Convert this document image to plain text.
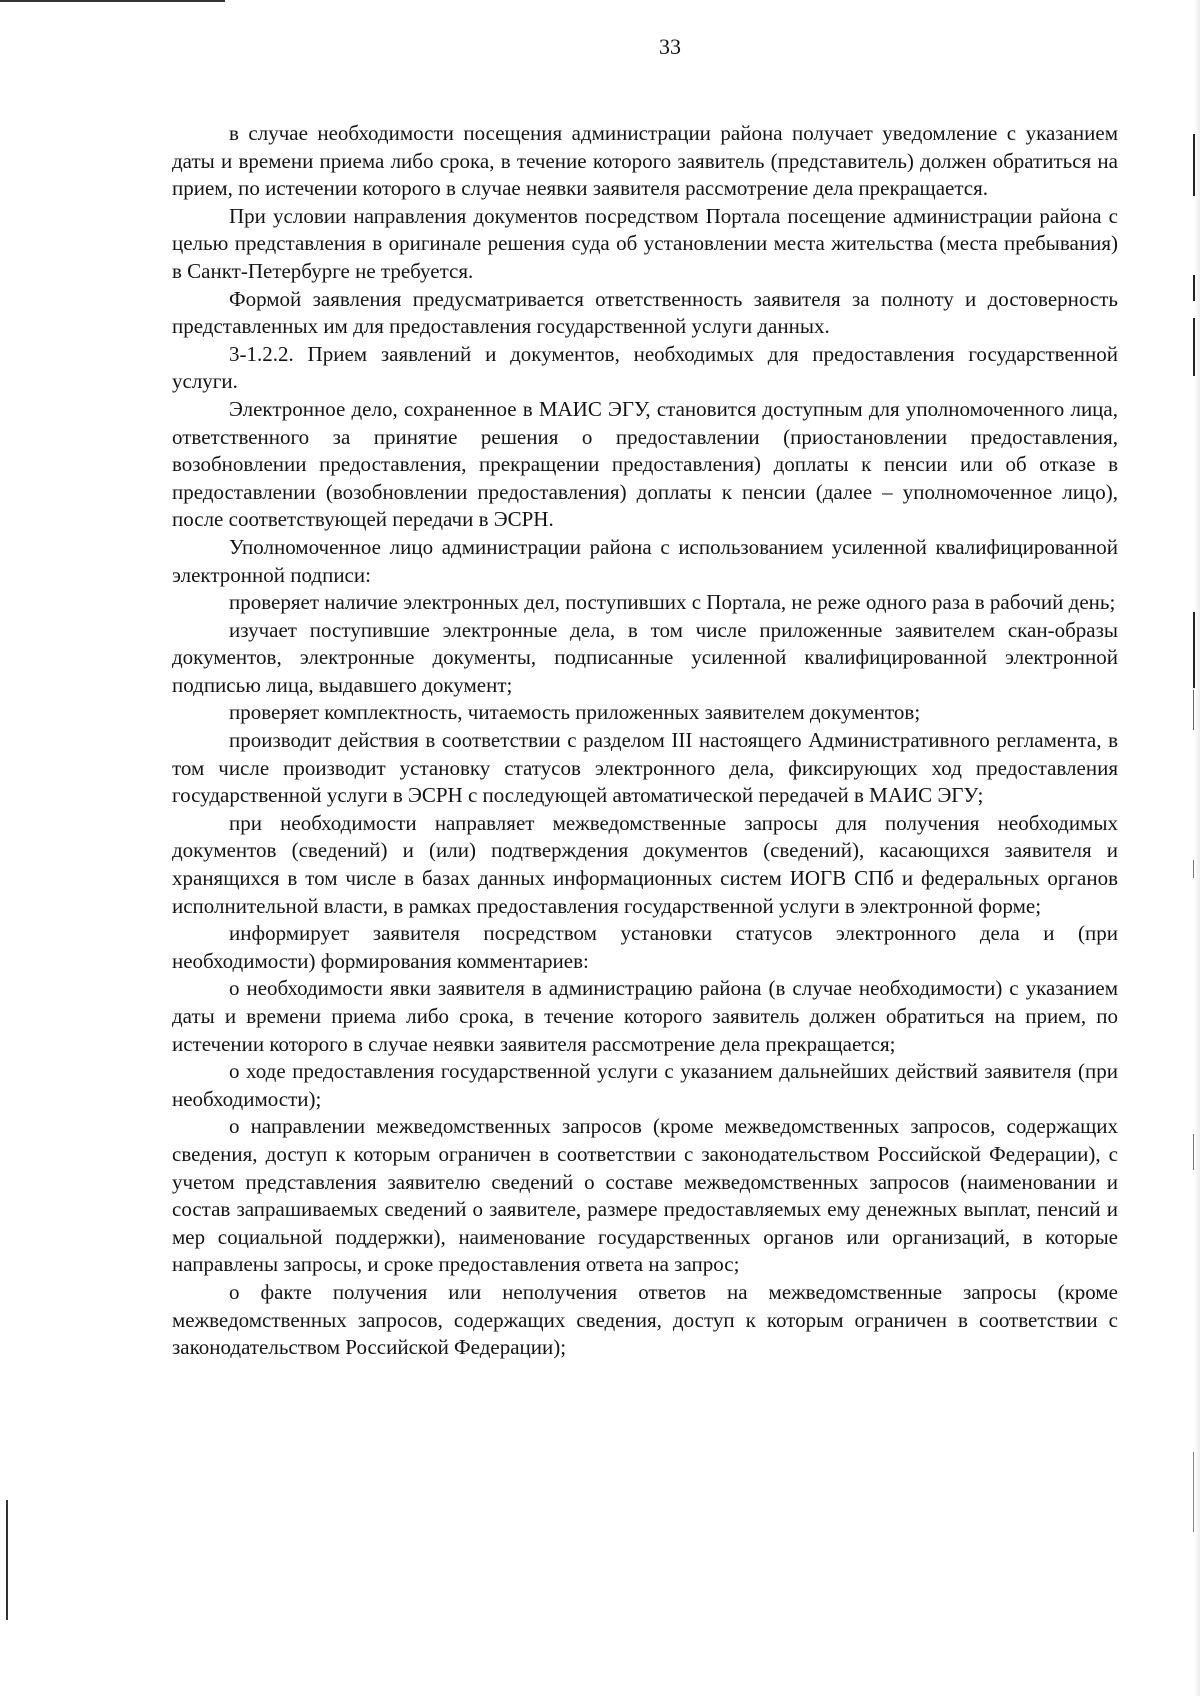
33

в случае необходимости посещения администрации района получает уведомление с указанием даты и времени приема либо срока, в течение которого заявитель (представитель) должен обратиться на прием, по истечении которого в случае неявки заявителя рассмотрение дела прекращается.

При условии направления документов посредством Портала посещение администрации района с целью представления в оригинале решения суда об установлении места жительства (места пребывания) в Санкт-Петербурге не требуется.

Формой заявления предусматривается ответственность заявителя за полноту и достоверность представленных им для предоставления государственной услуги данных.

3-1.2.2. Прием заявлений и документов, необходимых для предоставления государственной услуги.

Электронное дело, сохраненное в МАИС ЭГУ, становится доступным для уполномоченного лица, ответственного за принятие решения о предоставлении (приостановлении предоставления, возобновлении предоставления, прекращении предоставления) доплаты к пенсии или об отказе в предоставлении (возобновлении предоставления) доплаты к пенсии (далее – уполномоченное лицо), после соответствующей передачи в ЭСРН.

Уполномоченное лицо администрации района с использованием усиленной квалифицированной электронной подписи:

проверяет наличие электронных дел, поступивших с Портала, не реже одного раза в рабочий день;

изучает поступившие электронные дела, в том числе приложенные заявителем скан-образы документов, электронные документы, подписанные усиленной квалифицированной электронной подписью лица, выдавшего документ;

проверяет комплектность, читаемость приложенных заявителем документов;

производит действия в соответствии с разделом III настоящего Административного регламента, в том числе производит установку статусов электронного дела, фиксирующих ход предоставления государственной услуги в ЭСРН с последующей автоматической передачей в МАИС ЭГУ;

при необходимости направляет межведомственные запросы для получения необходимых документов (сведений) и (или) подтверждения документов (сведений), касающихся заявителя и хранящихся в том числе в базах данных информационных систем ИОГВ СПб и федеральных органов исполнительной власти, в рамках предоставления государственной услуги в электронной форме;

информирует заявителя посредством установки статусов электронного дела и (при необходимости) формирования комментариев:

о необходимости явки заявителя в администрацию района (в случае необходимости) с указанием даты и времени приема либо срока, в течение которого заявитель должен обратиться на прием, по истечении которого в случае неявки заявителя рассмотрение дела прекращается;

о ходе предоставления государственной услуги с указанием дальнейших действий заявителя (при необходимости);

о направлении межведомственных запросов (кроме межведомственных запросов, содержащих сведения, доступ к которым ограничен в соответствии с законодательством Российской Федерации), с учетом представления заявителю сведений о составе межведомственных запросов (наименовании и состав запрашиваемых сведений о заявителе, размере предоставляемых ему денежных выплат, пенсий и мер социальной поддержки), наименование государственных органов или организаций, в которые направлены запросы, и сроке предоставления ответа на запрос;

о факте получения или неполучения ответов на межведомственные запросы (кроме межведомственных запросов, содержащих сведения, доступ к которым ограничен в соответствии с законодательством Российской Федерации);
